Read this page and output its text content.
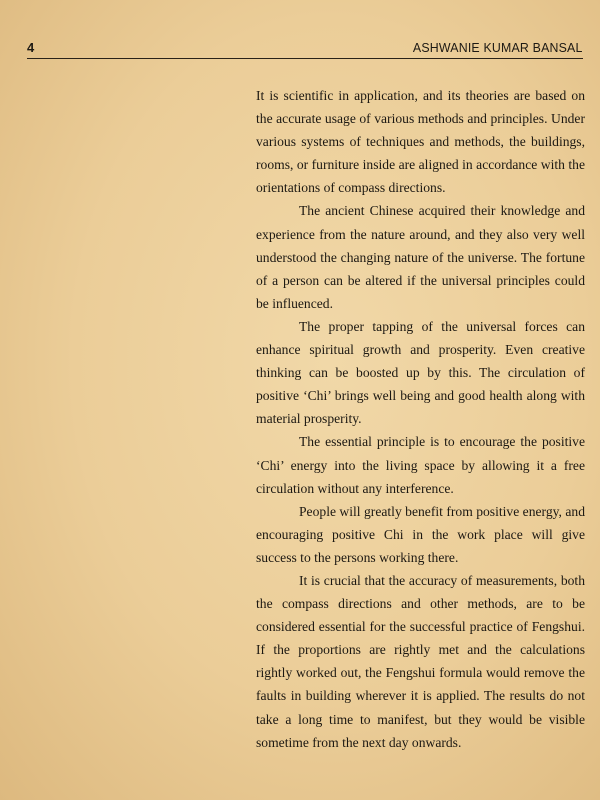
4	ASHWANIE KUMAR BANSAL

It is scientific in application, and its theories are based on the accurate usage of various methods and principles. Under various systems of techniques and methods, the buildings, rooms, or furniture inside are aligned in accordance with the orientations of compass directions.

The ancient Chinese acquired their knowledge and experience from the nature around, and they also very well understood the changing nature of the universe. The fortune of a person can be altered if the universal principles could be influenced.

The proper tapping of the universal forces can enhance spiritual growth and prosperity. Even creative thinking can be boosted up by this. The circulation of positive ‘Chi’ brings well being and good health along with material prosperity.

The essential principle is to encourage the positive ‘Chi’ energy into the living space by allowing it a free circulation without any interference.

People will greatly benefit from positive energy, and encouraging positive Chi in the work place will give success to the persons working there.

It is crucial that the accuracy of measurements, both the compass directions and other methods, are to be considered essential for the successful practice of Fengshui. If the proportions are rightly met and the calculations rightly worked out, the Fengshui formula would remove the faults in building wherever it is applied. The results do not take a long time to manifest, but they would be visible sometime from the next day onwards.
